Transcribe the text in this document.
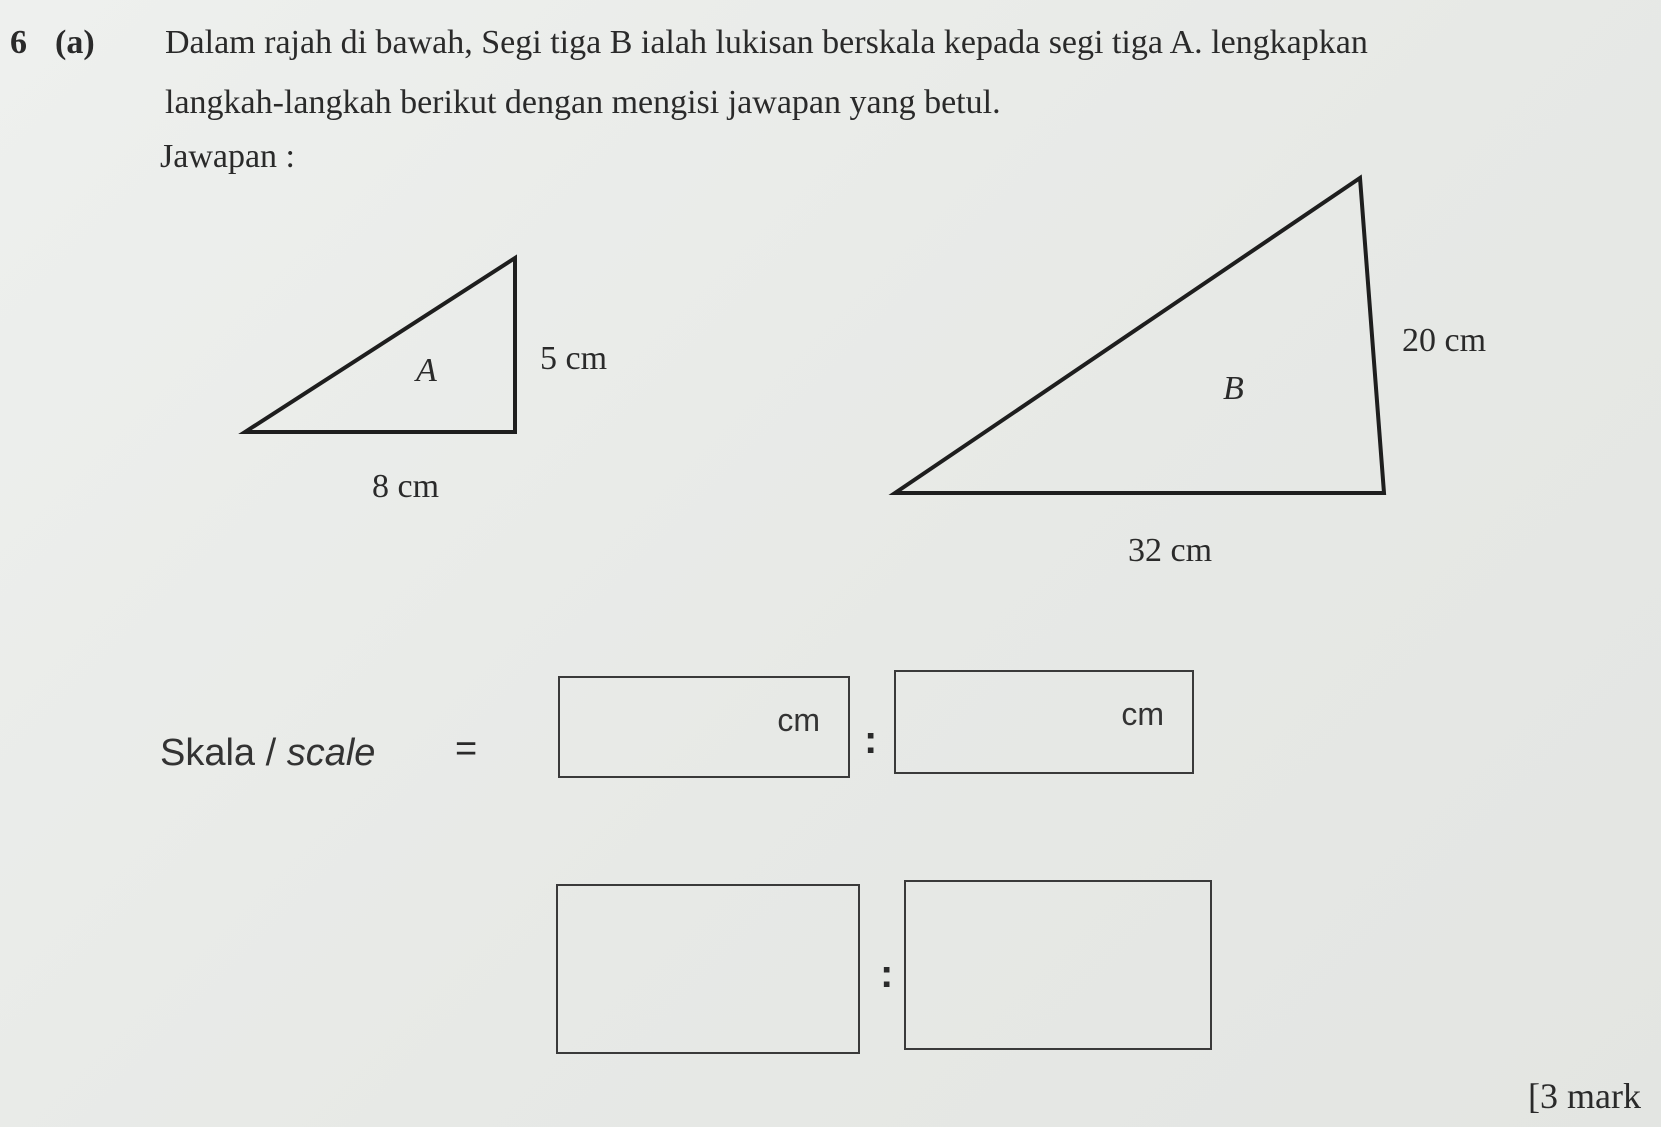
6 (a) Dalam rajah di bawah, Segi tiga B ialah lukisan berskala kepada segi tiga A. lengkapkan
langkah-langkah berikut dengan mengisi jawapan yang betul.
Jawapan :
A	5 cm
8 cm
B
20 cm
32 cm
Skala / scale =
cm :
cm
:
[3 mark
